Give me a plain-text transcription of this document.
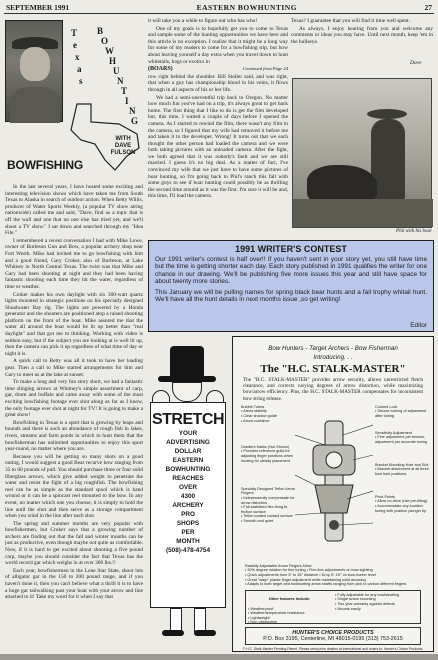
SEPTEMBER 1991	EASTERN BOWHUNTING	27
T
e
x
a
s
B
O
W
H
U
N
T
I
N
G
WITH
DAVE FULSON
BOWFISHING

In the last several years, I have hosted some exciting and interesting television shows which have taken me from South Texas to Alaska in search of outdoor action. When Betty Willis, producer of Water Sports Weekly, (a popular TV show airing nationwide) called me and said, "Dave, find us a topic that is off the wall and one that no one else has tried yet, and we'll shoot a TV show." I sat down and searched through my "Idea File."

I remembered a recent conversation I had with Mike Lowe, owner of Burleson Gun and Bow, a popular archery shop near Fort Worth. Mike had invited me to go bowfishing with him and a good friend, Gary Croker, also of Burleson, at Lake Whitney in North Central Texas. The twist was that Mike and Gary had been shooting at night and they had been having fantastic shooting each time they hit the water, regardless of time or weather.

Croker makes his own daylight with six 300-watt quartz lights mounted in strategic positions on his specially designed Shoalwater Bay rig. The lights are powered by a Honda generator and the shooters are positioned atop a raised shooting platform on the front of the boat. Mike assured me that the water all around the boat would be lit up better than "real daylight" and that got me to thinking. Working with video is seldom easy, but if the subject you are looking at is well lit up, then the camera can pick it up regardless of what time of day or night it is.

A quick call to Betty was all it took to have her loading gear. Then a call to Mike started arrangements for him and Gary to meet us at the lake at sunset.

To make a long and very fun story short, we had a fantastic time slinging arrows at Whitney's simple assortment of carp, gar, drum and buffalo and came away with some of the most exciting bowfishing footage ever shot along as far as I know, the only footage ever shot at night for TV! It is going to make a great show!

Bowfishing in Texas is a sport that is growing by leaps and bounds and there is such an abundance of rough fish in lakes, rivers, streams and farm ponds in which to hunt them that the bowfisherman has unlimited opportunities to enjoy this sport year-round, no matter where you are.

Because you will be getting so many shots on a good outing, I would suggest a good Bear recurve bow ranging from 35 to 60 pounds of pull. You should purchase three or four solid fiberglass arrows, which give added weight to penetrate the water and resist the fight of a big roughfish. The bowfishing reel can be as simple as the standard spool which is hand wound or it can be a spincast reel mounted to the bow. In any event, no matter which one you choose, it is simply to hold the line until the shot and then serve as a storage compartment when you wind in the line after each shot.

The spring and summer months are very popular with bowfishermen, but Croker says that a growing number of archers are finding out that the fall and winter months can be just as productive, even though maybe not quite as comfortable. Now, if it is hard to get excited about shooting a five pound carp, maybe you should consider the fact that Texas has the world record gar which weighs in at over 300 lbs.!!

Each year, bowfishermen in the Lone Star State, shoot lots of alligator gar in the 150 to 200 pound range, and if you haven't done it, then you can't believe what a thrill it is to have a huge gar tailwalking past your boat with your arrow and line attached to it! Take my word for it when I say that

it will take you a while to figure out who has who!

One of my goals is to hopefully get you to come to Texas and sample some of the hunting opportunities we have here and this article is no exception. I realize that it might be a long way for some of my readers to come for a bowfishing trip, but how about leaving yourself a day extra when you travel down to hunt whitetails, hogs or exotics in

(BOARS)	Continued from Page 24

row right behind the shoulder. Bill Stoller said, and was right, that when a guy has championship blood in his veins, it flows through in all aspects of his or her life.

We had a semi-uneventful trip back to Oregon. No matter how much fun you've had on a trip, it's always great to get back home. The first thing that I like to do is get the film developed but, this time, I waited a couple of days before I opened the camera. As I started to rewind the film, there wasn't any film in the camera, so I figured that my wife had removed it before me and taken it to the developer. Wrong! It turns out that we each thought the other person had loaded the camera and we were both taking pictures with an unloaded camera. After the fight, we both agreed that it was nobody's fault and we are still married. I guess it's no big deal. As a matter of fact, I've convinced my wife that we just have to have some pictures of boar hunting, so I'm going back to Phil's ranch this fall with some guys to see if boar hunting could possibly be as thrilling the second time around as it was the first. I'm sure it will be and, this time, I'll load the camera.

Texas? I guarantee that you will find it time well spent.

As always, I enjoy hearing from you and welcome any comments or ideas you may have. Until next month, keep 'em in the bullseye.

Dave
Phil with his boar
1991 WRITER'S CONTEST

Our 1991 writer's contest is half over!! If you haven't sent in your story yet, you still have time but the time is getting shorter each day. Each story published in 1991 qualifies the writer for one chance in our drawing. We'll be publishing five more issues this year and still have space for about twenty more stories.

This January we will be pulling names for spring black bear hunts and a fall trophy whitail hunt. We'll have all the hunt details in next months issue ,so get writing!

Editor
STRETCH
YOUR
ADVERTISING
DOLLAR
EASTERN
BOWHUNTING
REACHES
OVER
4300
ARCHERY
PRO
SHOPS
PER
MONTH
(508)-478-4754
Bow Hunters - Target Archers - Bow Fisherman
Introducing. . .
The "H.C. STALK-MASTER"
The "H.C. STALK-MASTER" provides arrow security, allows unrestricted fletch clearance, and corrects varying degrees of arrow distortion, while maximizing bow/arrow efficiency. Plus, the H.C. STALK-MASTER compensates for inconsistent bow string release.
Bubble Tubes
• Arrow stability
• Clear shadow guide
• Arrow container
Gradient Marks (Not Shown)
• Provides reference guild for adjusting finger positions when hunting for steady placement
Specially Designed Teflon Arrow Fingers
• Independently compensate for arrow distortion
• Full-stabilized flex-flung bi-friction surface
• Teflon coated contact surface
• Smooth and quiet
Colored Lock
• Secure locking of adjustment after tuning
Sensitivity Adjustment
• Fine adjustment per tension, adjustment per accurate tuning
Bracket Mounting Hole and Slot
• Bracket attachment at all three bow hole positions
Pivot Points
• Allow no-drive (rise pre-tilting)
• Accommodate any location tuning with position plunger tip
Radially Adjustable Arrow Fingers Allow
• 30% degree rotation for fine tuning • Fine line-adjustments on bow sighting
• Quick adjustments from 5° to 35° distance • Drop 5°-15° on bow-hunter level
• Great "warp" plastic finger adjustment while maintaining solid accuracy
• Adapts to both target and bowhunting arrow shafts ranging from pick to carbon different fingers

Other features Include:

• Weatherproof
• Weather/temperature resistance
• Lightweight
• Non-obstructive

• Fully adjustable for any bowhandling
• Single screw mounting
• Two year warranty against defects
• Mounts easily
HUNTER'S CHOICE PRODUCTS
P.O. Box 3195, Centerline, MI 48015-0195 (313) 753-2615
© H.C. Stalk-Master Pending Patent. Please send price dealers at international and orders to: Hunter's Choice Products.
